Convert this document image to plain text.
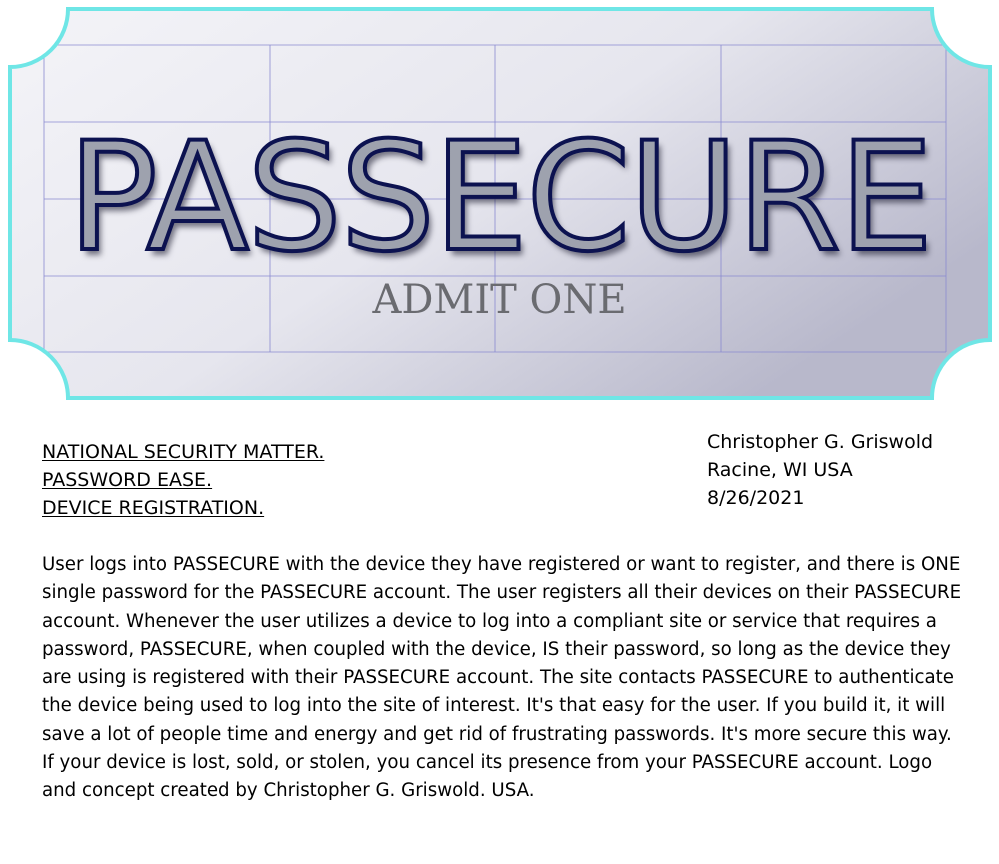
PASSECURE
ADMIT ONE
NATIONAL SECURITY MATTER.
PASSWORD EASE.
DEVICE REGISTRATION.
Christopher G. Griswold
Racine, WI USA
8/26/2021

User logs into PASSECURE with the device they have registered or want to register, and there is ONE single password for the PASSECURE account. The user registers all their devices on their PASSECURE account. Whenever the user utilizes a device to log into a compliant site or service that requires a password, PASSECURE, when coupled with the device, IS their password, so long as the device they are using is registered with their PASSECURE account. The site contacts PASSECURE to authenticate the device being used to log into the site of interest. It's that easy for the user. If you build it, it will save a lot of people time and energy and get rid of frustrating passwords. It's more secure this way. If your device is lost, sold, or stolen, you cancel its presence from your PASSECURE account. Logo and concept created by Christopher G. Griswold. USA.
